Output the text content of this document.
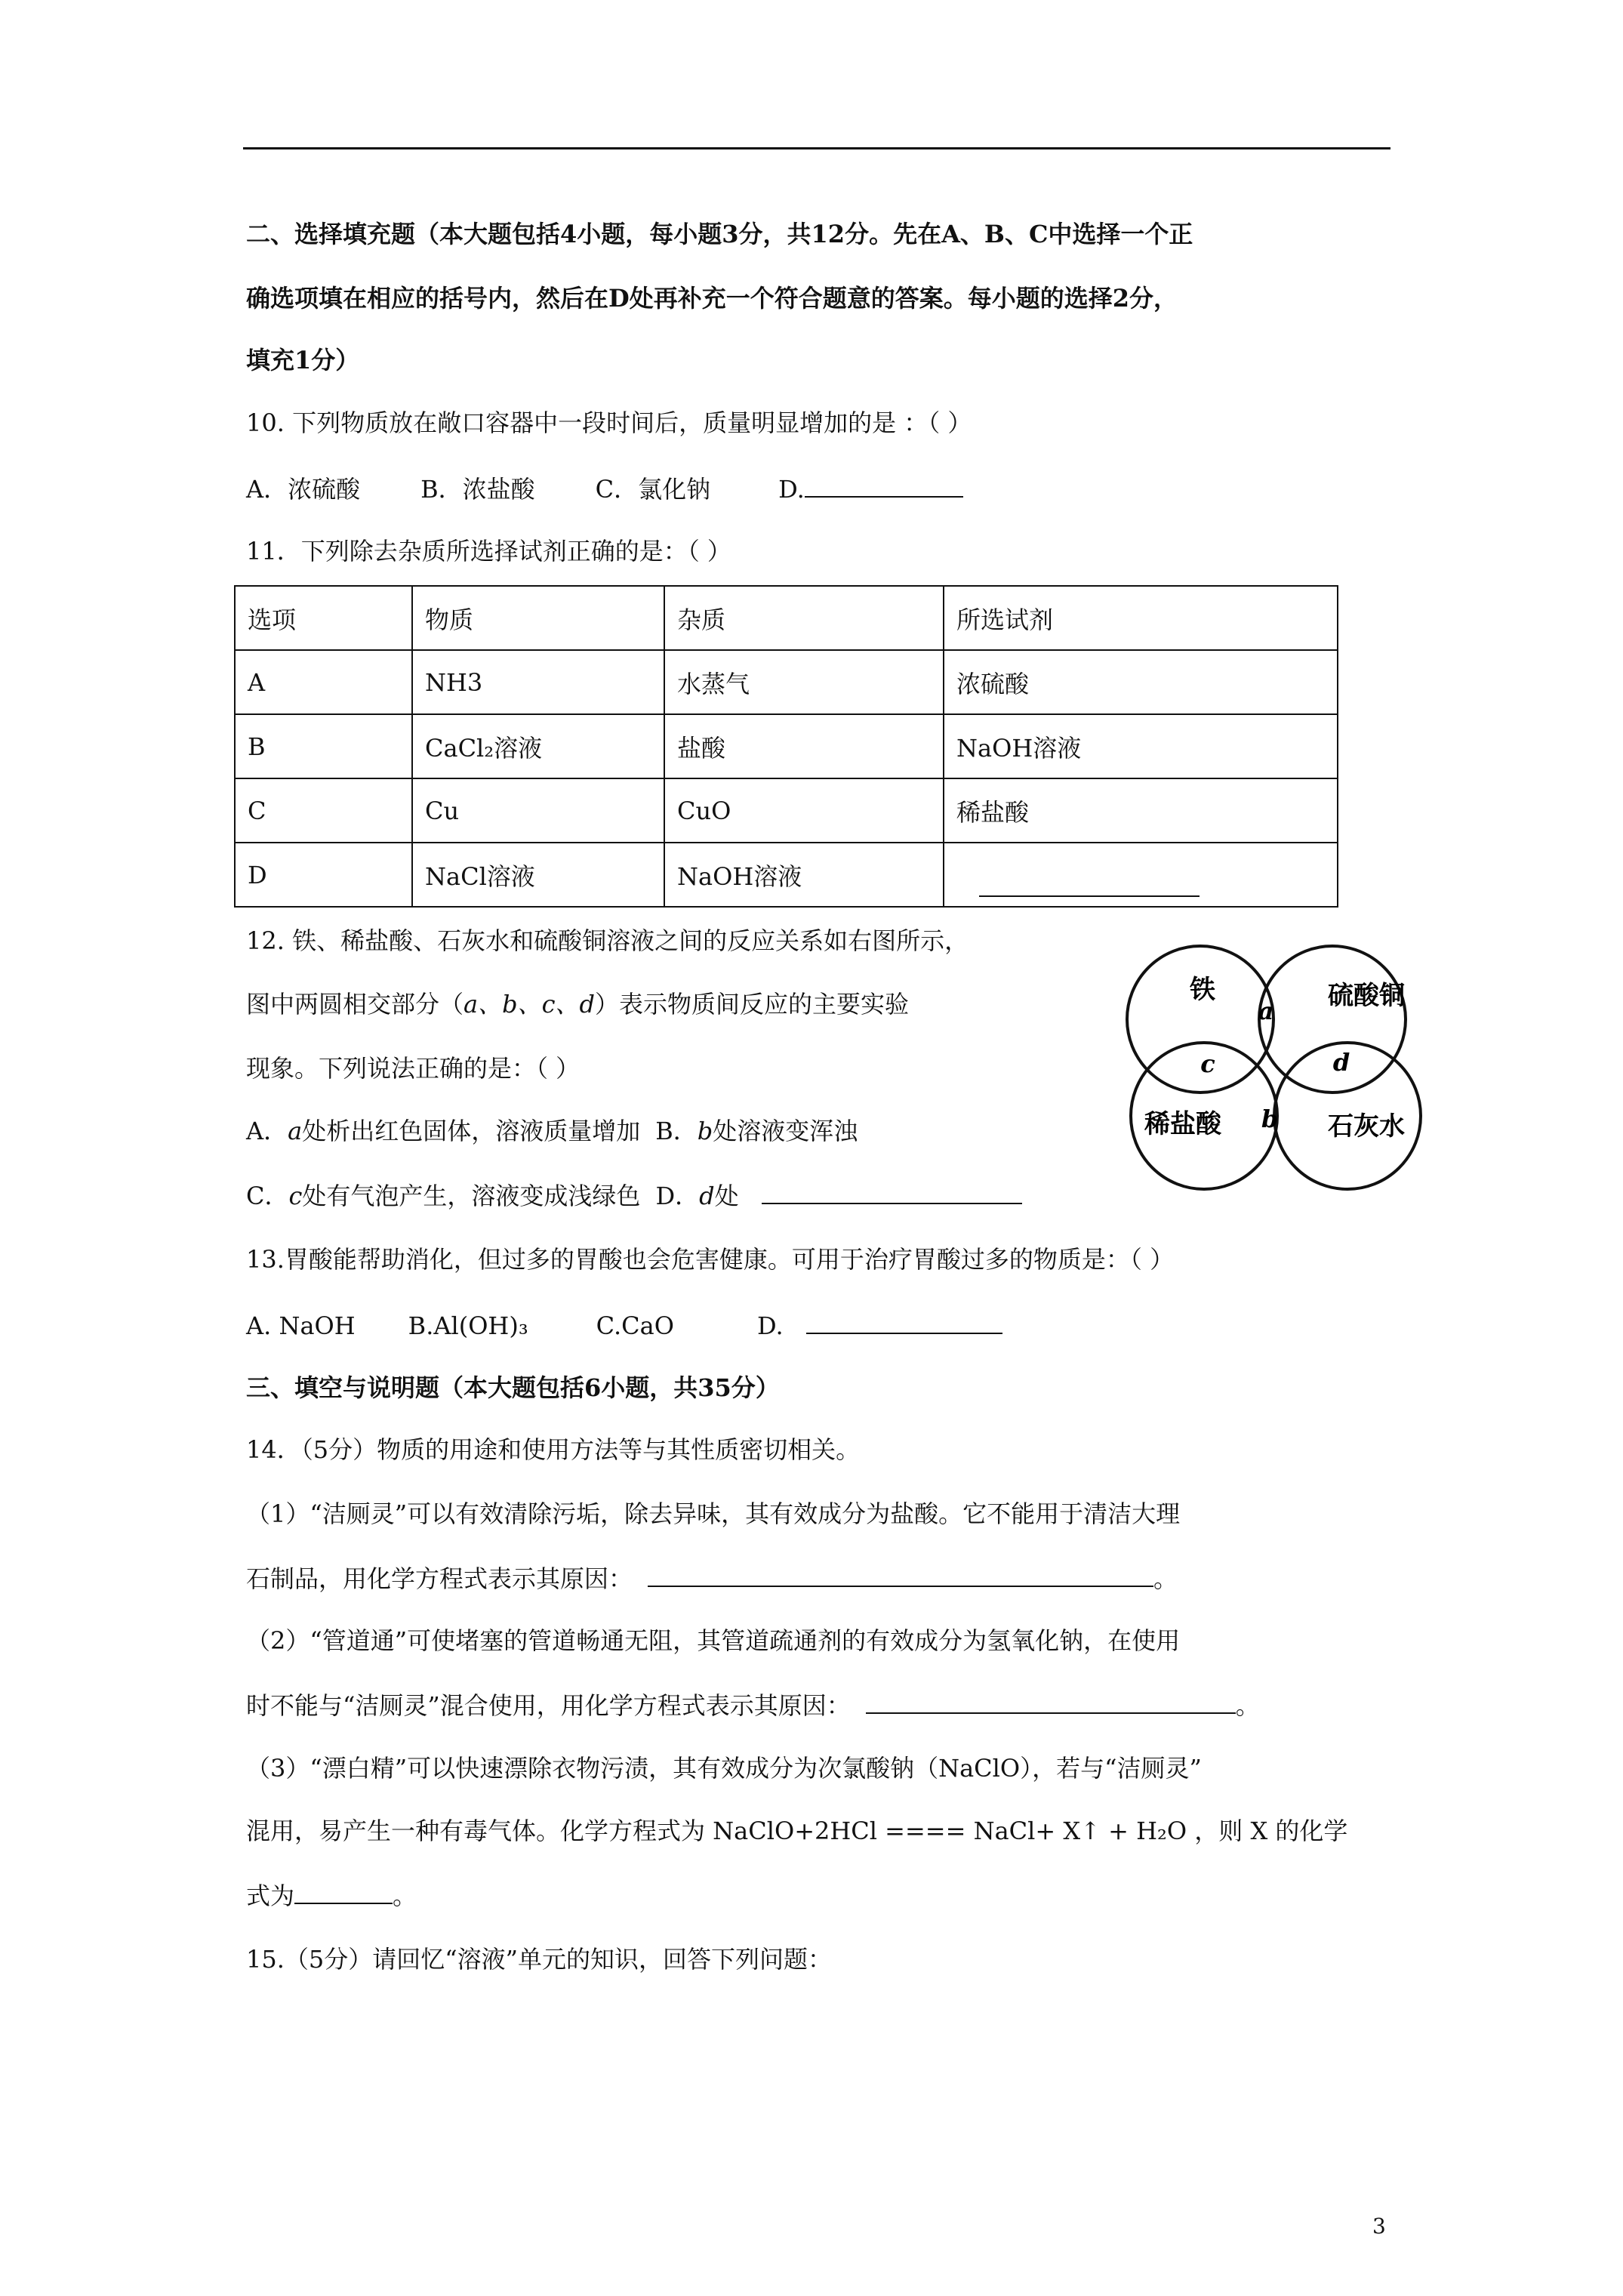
二、选择填充题（本大题包括4小题，每小题3分，共12分。先在A、B、C中选择一个正
确选项填在相应的括号内，然后在D处再补充一个符合题意的答案。每小题的选择2分，
填充1分）
10. 下列物质放在敞口容器中一段时间后，质量明显增加的是 ：（ ）
A．浓硫酸	B．浓盐酸	C．氯化钠	D.
11．下列除去杂质所选择试剂正确的是：（ ）
选项	物质	杂质	所选试剂
A	NH3	水蒸气	浓硫酸
B	CaCl₂溶液	盐酸	NaOH溶液
C	Cu	CuO	稀盐酸
D	NaCl溶液	NaOH溶液	
12. 铁、稀盐酸、石灰水和硫酸铜溶液之间的反应关系如右图所示，
图中两圆相交部分（a、b、c、d）表示物质间反应的主要实验
现象。下列说法正确的是：（ ）
A．a处析出红色固体，溶液质量增加 B．b处溶液变浑浊
C．c处有气泡产生，溶液变成浅绿色 D．d处
铁	硫酸铜
稀盐酸	石灰水
a
b
c	d
13.胃酸能帮助消化，但过多的胃酸也会危害健康。可用于治疗胃酸过多的物质是：（ ）
A. NaOH B.Al(OH)₃	C.CaO	D.
三、填空与说明题（本大题包括6小题，共35分）
14．（5分）物质的用途和使用方法等与其性质密切相关。
（1）“洁厕灵”可以有效清除污垢，除去异味，其有效成分为盐酸。它不能用于清洁大理
石制品，用化学方程式表示其原因：	。
（2）“管道通”可使堵塞的管道畅通无阻，其管道疏通剂的有效成分为氢氧化钠，在使用
时不能与“洁厕灵”混合使用，用化学方程式表示其原因：	。
（3）“漂白精”可以快速漂除衣物污渍，其有效成分为次氯酸钠（NaClO），若与“洁厕灵”
混用，易产生一种有毒气体。化学方程式为 NaClO+2HCl ==== NaCl+ X↑ + H₂O ，则 X 的化学
式为	。
15.（5分）请回忆“溶液”单元的知识，回答下列问题：
3
